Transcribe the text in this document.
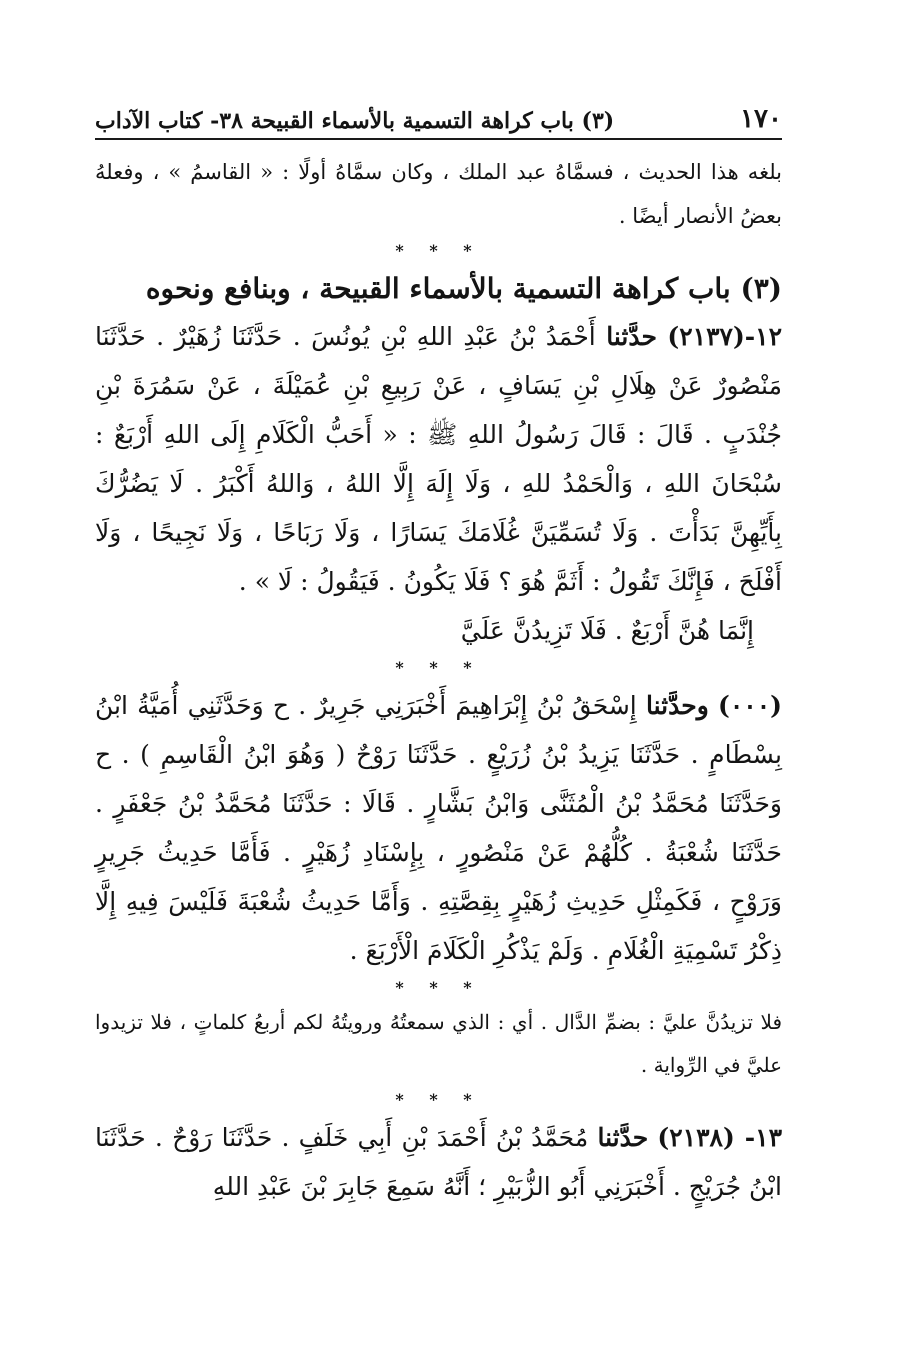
١٧٠
(٣) باب كراهة التسمية بالأسماء القبيحة ٣٨- كتاب الآداب

بلغه هذا الحديث ، فسمَّاهُ عبد الملك ، وكان سمَّاهُ أولًا : « القاسمُ » ، وفعلهُ بعضُ الأنصار أيضًا .

* * *

(٣) باب كراهة التسمية بالأسماء القبيحة ، وبنافع ونحوه

١٢-(٢١٣٧) حدَّثنا أَحْمَدُ بْنُ عَبْدِ اللهِ بْنِ يُونُسَ . حَدَّثَنَا زُهَيْرٌ . حَدَّثَنَا مَنْصُورٌ عَنْ هِلَالِ بْنِ يَسَافٍ ، عَنْ رَبِيعِ بْنِ عُمَيْلَةَ ، عَنْ سَمُرَةَ بْنِ جُنْدَبٍ . قَالَ : قَالَ رَسُولُ اللهِ ﷺ : « أَحَبُّ الْكَلَامِ إِلَى اللهِ أَرْبَعٌ : سُبْحَانَ اللهِ ، وَالْحَمْدُ للهِ ، وَلَا إِلَهَ إِلَّا اللهُ ، وَاللهُ أَكْبَرُ . لَا يَضُرُّكَ بِأَيِّهِنَّ بَدَأْتَ . وَلَا تُسَمِّيَنَّ غُلَامَكَ يَسَارًا ، وَلَا رَبَاحًا ، وَلَا نَجِيحًا ، وَلَا أَفْلَحَ ، فَإِنَّكَ تَقُولُ : أَثَمَّ هُوَ ؟ فَلَا يَكُونُ . فَيَقُولُ : لَا » .

إِنَّمَا هُنَّ أَرْبَعٌ . فَلَا تَزِيدُنَّ عَلَيَّ

* * *

(٠٠٠) وحدَّثنا إِسْحَقُ بْنُ إِبْرَاهِيمَ أَخْبَرَنِي جَرِيرٌ . ح وَحَدَّثَنِي أُمَيَّةُ ابْنُ بِسْطَامٍ . حَدَّثَنَا يَزِيدُ بْنُ زُرَيْعٍ . حَدَّثَنَا رَوْحٌ ( وَهُوَ ابْنُ الْقَاسِمِ ) . ح وَحَدَّثَنَا مُحَمَّدُ بْنُ الْمُثَنَّى وَابْنُ بَشَّارٍ . قَالَا : حَدَّثَنَا مُحَمَّدُ بْنُ جَعْفَرٍ . حَدَّثَنَا شُعْبَةُ . كُلُّهُمْ عَنْ مَنْصُورٍ ، بِإِسْنَادِ زُهَيْرٍ . فَأَمَّا حَدِيثُ جَرِيرٍ وَرَوْحٍ ، فَكَمِثْلِ حَدِيثِ زُهَيْرٍ بِقِصَّتِهِ . وَأَمَّا حَدِيثُ شُعْبَةَ فَلَيْسَ فِيهِ إِلَّا ذِكْرُ تَسْمِيَةِ الْغُلَامِ . وَلَمْ يَذْكُرِ الْكَلَامَ الْأَرْبَعَ .

* * *

فلا تزيدُنَّ عليَّ : بضمِّ الدَّال . أي : الذي سمعتُهُ ورويتُهُ لكم أربعُ كلماتٍ ، فلا تزيدوا عليَّ في الرِّواية .

* * *

١٣- (٢١٣٨) حدَّثنا مُحَمَّدُ بْنُ أَحْمَدَ بْنِ أَبِي خَلَفٍ . حَدَّثَنَا رَوْحٌ . حَدَّثَنَا ابْنُ جُرَيْجٍ . أَخْبَرَنِي أَبُو الزُّبَيْرِ ؛ أَنَّهُ سَمِعَ جَابِرَ بْنَ عَبْدِ اللهِ
